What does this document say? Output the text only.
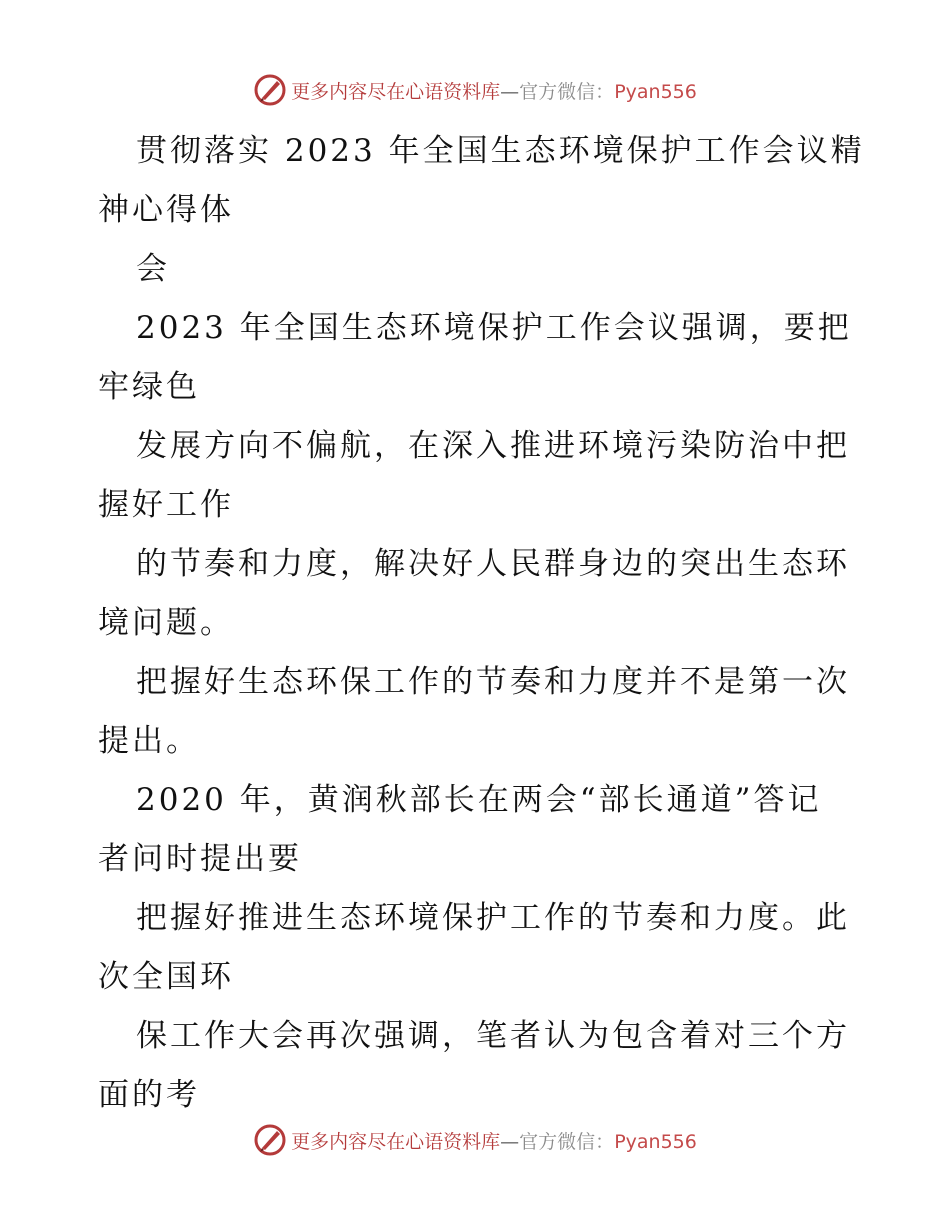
更多内容尽在心语资料库—官方微信：Pyan556
贯彻落实 2023 年全国生态环境保护工作会议精
神心得体
会
2023 年全国生态环境保护工作会议强调，要把
牢绿色
发展方向不偏航，在深入推进环境污染防治中把
握好工作
的节奏和力度，解决好人民群身边的突出生态环
境问题。
把握好生态环保工作的节奏和力度并不是第一次
提出。
2020 年，黄润秋部长在两会“部长通道”答记
者问时提出要
把握好推进生态环境保护工作的节奏和力度。此
次全国环
保工作大会再次强调，笔者认为包含着对三个方
面的考
更多内容尽在心语资料库—官方微信：Pyan556
